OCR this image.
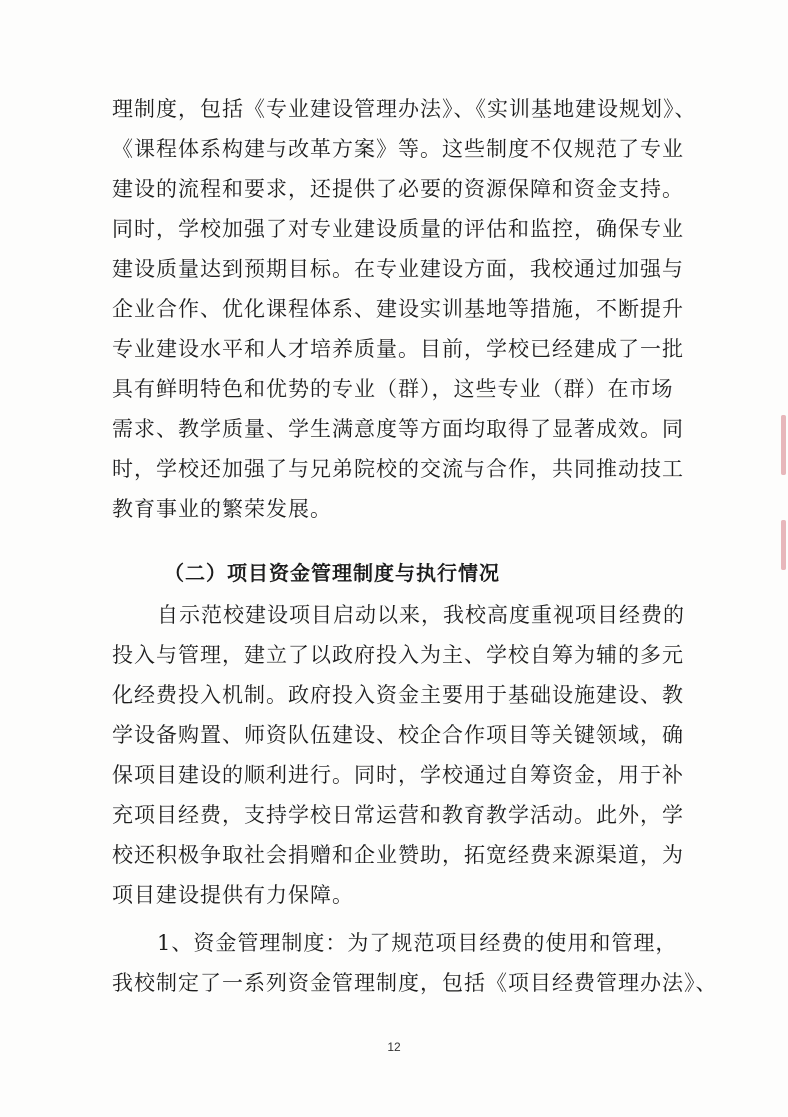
理制度，包括《专业建设管理办法》、《实训基地建设规划》、
《课程体系构建与改革方案》等。这些制度不仅规范了专业
建设的流程和要求，还提供了必要的资源保障和资金支持。
同时，学校加强了对专业建设质量的评估和监控，确保专业
建设质量达到预期目标。在专业建设方面，我校通过加强与
企业合作、优化课程体系、建设实训基地等措施，不断提升
专业建设水平和人才培养质量。目前，学校已经建成了一批
具有鲜明特色和优势的专业（群），这些专业（群）在市场
需求、教学质量、学生满意度等方面均取得了显著成效。同
时，学校还加强了与兄弟院校的交流与合作，共同推动技工
教育事业的繁荣发展。
（二）项目资金管理制度与执行情况
自示范校建设项目启动以来，我校高度重视项目经费的
投入与管理，建立了以政府投入为主、学校自筹为辅的多元
化经费投入机制。政府投入资金主要用于基础设施建设、教
学设备购置、师资队伍建设、校企合作项目等关键领域，确
保项目建设的顺利进行。同时，学校通过自筹资金，用于补
充项目经费，支持学校日常运营和教育教学活动。此外，学
校还积极争取社会捐赠和企业赞助，拓宽经费来源渠道，为
项目建设提供有力保障。
1、资金管理制度：为了规范项目经费的使用和管理，
我校制定了一系列资金管理制度，包括《项目经费管理办法》、
12
